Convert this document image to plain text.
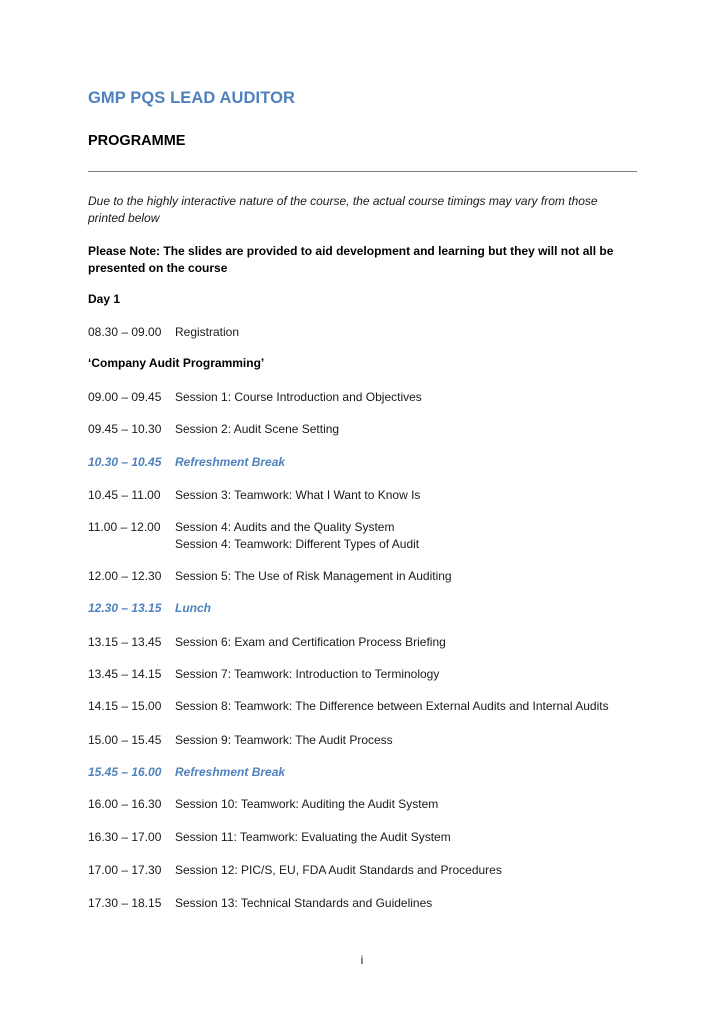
GMP PQS LEAD AUDITOR
PROGRAMME
Due to the highly interactive nature of the course, the actual course timings may vary from those printed below
Please Note: The slides are provided to aid development and learning but they will not all be presented on the course
Day 1
‘Company Audit Programming’
08.30 – 09.00	Registration
09.00 – 09.45	Session 1: Course Introduction and Objectives
09.45 – 10.30	Session 2: Audit Scene Setting
10.30 – 10.45	Refreshment Break
10.45 – 11.00	Session 3: Teamwork: What I Want to Know Is
11.00 – 12.00	Session 4: Audits and the Quality System
Session 4: Teamwork: Different Types of Audit
12.00 – 12.30	Session 5: The Use of Risk Management in Auditing
12.30 – 13.15	Lunch
13.15 – 13.45	Session 6: Exam and Certification Process Briefing
13.45 – 14.15	Session 7: Teamwork: Introduction to Terminology
14.15 – 15.00	Session 8: Teamwork: The Difference between External Audits and Internal Audits
15.00 – 15.45	Session 9: Teamwork: The Audit Process
15.45 – 16.00	Refreshment Break
16.00 – 16.30	Session 10: Teamwork: Auditing the Audit System
16.30 – 17.00	Session 11: Teamwork: Evaluating the Audit System
17.00 – 17.30	Session 12: PIC/S, EU, FDA Audit Standards and Procedures
17.30 – 18.15	Session 13: Technical Standards and Guidelines
i
